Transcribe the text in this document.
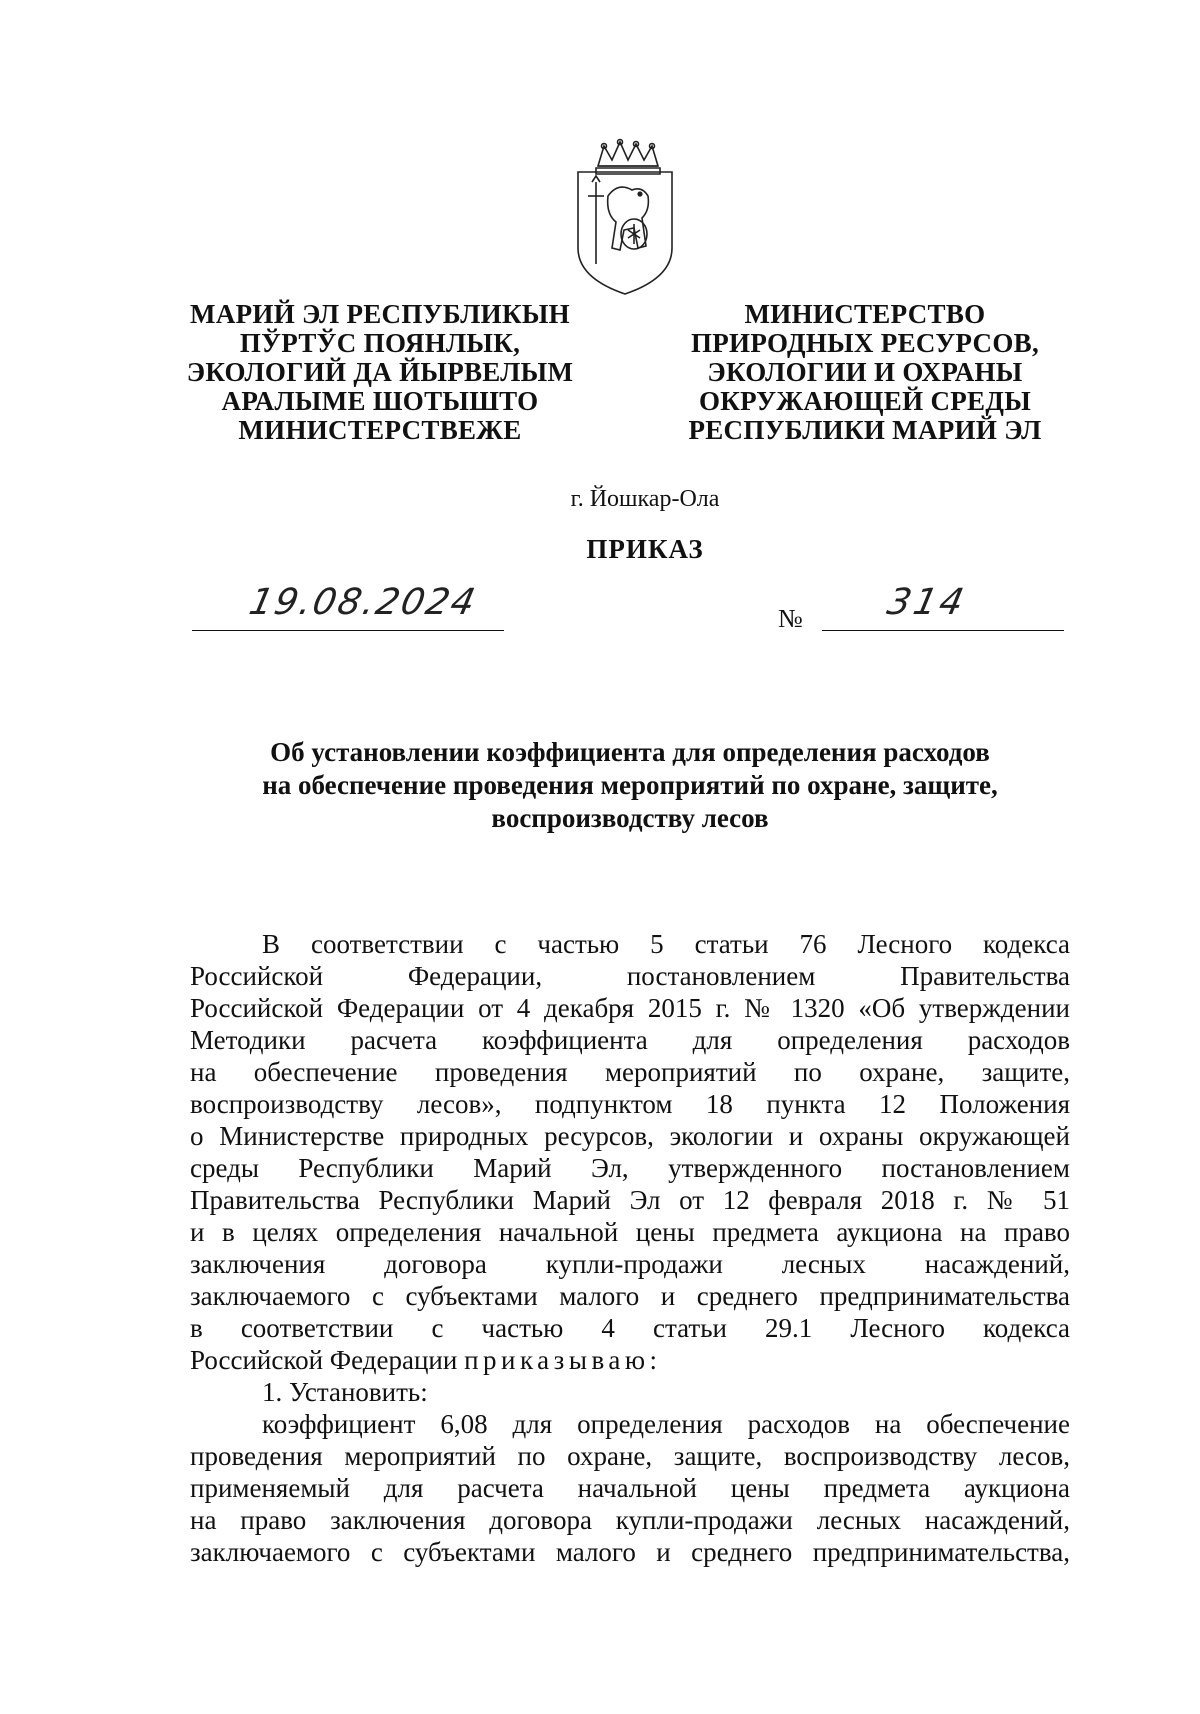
МАРИЙ ЭЛ РЕСПУБЛИКЫН
ПЎРТЎС ПОЯНЛЫК,
ЭКОЛОГИЙ ДА ЙЫРВЕЛЫМ
АРАЛЫМЕ ШОТЫШТО
МИНИСТЕРСТВЕЖЕ
МИНИСТЕРСТВО
ПРИРОДНЫХ РЕСУРСОВ,
ЭКОЛОГИИ И ОХРАНЫ
ОКРУЖАЮЩЕЙ СРЕДЫ
РЕСПУБЛИКИ МАРИЙ ЭЛ
г. Йошкар-Ола
ПРИКАЗ
19.08.2024	№ 314
Об установлении коэффициента для определения расходов
на обеспечение проведения мероприятий по охране, защите,
воспроизводству лесов
В соответствии с частью 5 статьи 76 Лесного кодекса
Российской Федерации, постановлением Правительства
Российской Федерации от 4 декабря 2015 г. № 1320 «Об утверждении
Методики расчета коэффициента для определения расходов
на обеспечение проведения мероприятий по охране, защите,
воспроизводству лесов», подпунктом 18 пункта 12 Положения
о Министерстве природных ресурсов, экологии и охраны окружающей
среды Республики Марий Эл, утвержденного постановлением
Правительства Республики Марий Эл от 12 февраля 2018 г. № 51
и в целях определения начальной цены предмета аукциона на право
заключения договора купли-продажи лесных насаждений,
заключаемого с субъектами малого и среднего предпринимательства
в соответствии с частью 4 статьи 29.1 Лесного кодекса
Российской Федерации приказываю:
1. Установить:
коэффициент 6,08 для определения расходов на обеспечение
проведения мероприятий по охране, защите, воспроизводству лесов,
применяемый для расчета начальной цены предмета аукциона
на право заключения договора купли-продажи лесных насаждений,
заключаемого с субъектами малого и среднего предпринимательства,
